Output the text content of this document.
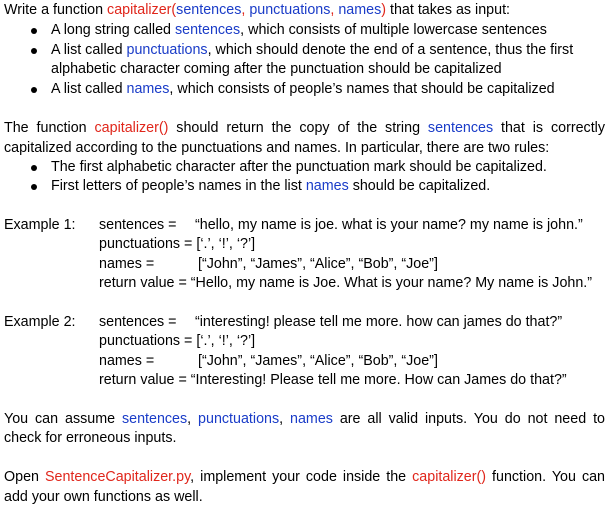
Write a function capitalizer(sentences, punctuations, names) that takes as input:
A long string called sentences, which consists of multiple lowercase sentences
A list called punctuations, which should denote the end of a sentence, thus the first
alphabetic character coming after the punctuation should be capitalized
A list called names, which consists of people’s names that should be capitalized
The function capitalizer() should return the copy of the string sentences that is correctly
capitalized according to the punctuations and names. In particular, there are two rules:
The first alphabetic character after the punctuation mark should be capitalized.
First letters of people’s names in the list names should be capitalized.
Example 1: sentences = “hello, my name is joe. what is your name? my name is john.”
punctuations = [‘.’, ‘!’, ‘?’]
names =	[“John”, “James”, “Alice”, “Bob”, “Joe”]
return value = “Hello, my name is Joe. What is your name? My name is John.”
Example 2: sentences = “interesting! please tell me more. how can james do that?”
punctuations = [‘.’, ‘!’, ‘?’]
names =	[“John”, “James”, “Alice”, “Bob”, “Joe”]
return value = “Interesting! Please tell me more. How can James do that?”
You can assume sentences, punctuations, names are all valid inputs. You do not need to
check for erroneous inputs.
Open SentenceCapitalizer.py, implement your code inside the capitalizer() function. You can
add your own functions as well.
